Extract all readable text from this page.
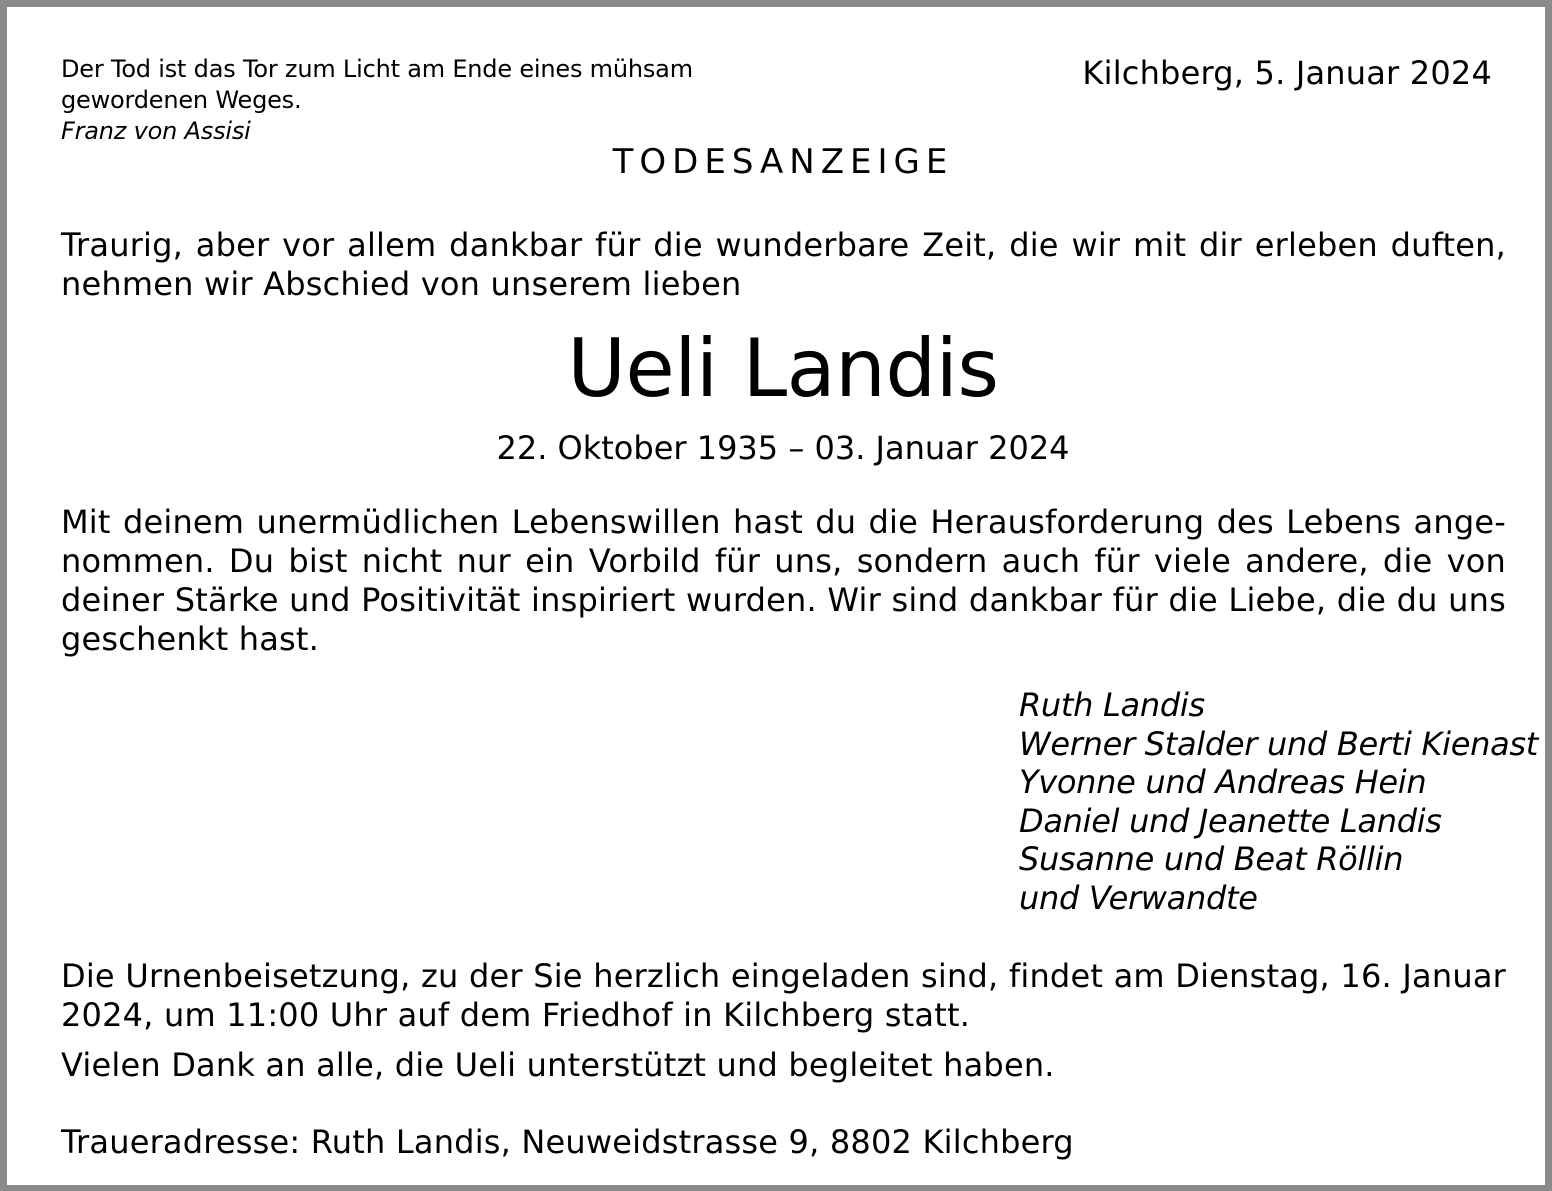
Der Tod ist das Tor zum Licht am Ende eines mühsam gewordenen Weges.
Franz von Assisi
Kilchberg, 5. Januar 2024
TODESANZEIGE
Traurig, aber vor allem dankbar für die wunderbare Zeit, die wir mit dir erleben duften, nehmen wir Abschied von unserem lieben
Ueli Landis
22. Oktober 1935 – 03. Januar 2024
Mit deinem unermüdlichen Lebenswillen hast du die Herausforderung des Lebens ange-nommen. Du bist nicht nur ein Vorbild für uns, sondern auch für viele andere, die von deiner Stärke und Positivität inspiriert wurden. Wir sind dankbar für die Liebe, die du uns geschenkt hast.
Ruth Landis
Werner Stalder und Berti Kienast
Yvonne und Andreas Hein
Daniel und Jeanette Landis
Susanne und Beat Röllin
und Verwandte
Die Urnenbeisetzung, zu der Sie herzlich eingeladen sind, findet am Dienstag, 16. Januar 2024, um 11:00 Uhr auf dem Friedhof in Kilchberg statt.
Vielen Dank an alle, die Ueli unterstützt und begleitet haben.
Traueradresse: Ruth Landis, Neuweidstrasse 9, 8802 Kilchberg
